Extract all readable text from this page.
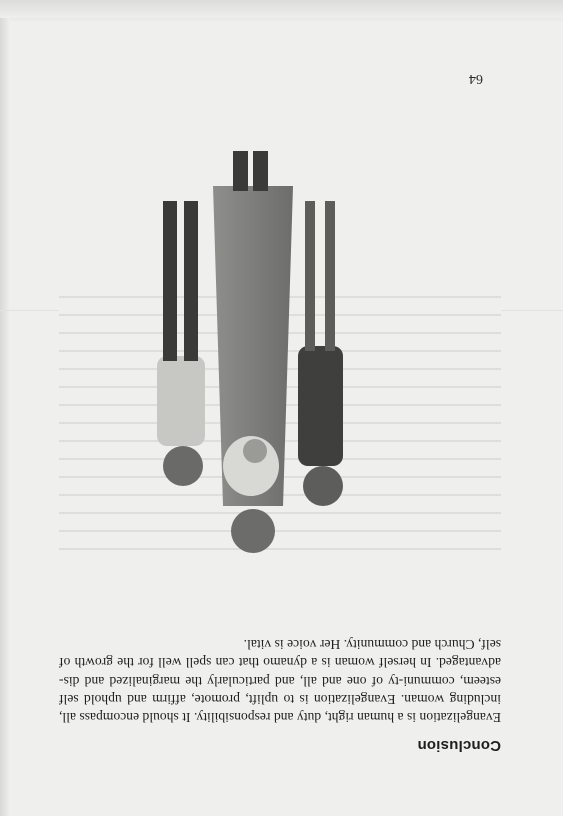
Conclusion

Evangelization is a human right, duty and responsibility. It should encompass all, including woman. Evangelization is to uplift, promote, affirm and uphold self esteem, communi-ty of one and all, and particularly the marginalized and dis-advantaged. In herself woman is a dynamo that can spell well for the growth of self, Church and community. Her voice is vital.

64
